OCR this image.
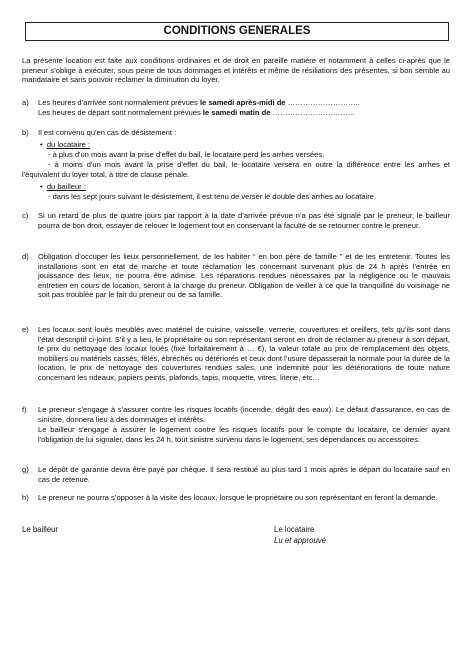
CONDITIONS GENERALES
La présente location est faite aux conditions ordinaires et de droit en pareille matière et notamment à celles ci-après que le preneur s’oblige à exécuter, sous peine de tous dommages et intérêts et même de résiliations des présentes, si bon semble au mandataire et sans pouvoir réclamer la diminution du loyer.
a) Les heures d’arrivée sont normalement prévues le samedi après-midi de ………………………..
Les heures de départ sont normalement prévues le samedi matin de …………………………...
b) Il est convenu qu'en cas de désistement :
•  du locataire :
- à plus d'un mois avant la prise d'effet du bail, le locataire perd les arrhes versées,
- à moins d'un mois avant la prise d'effet du bail, le locataire versera en outre la différence entre les arrhes et l'équivalent du loyer total, à titre de clause pénale.
•  du bailleur :
- dans les sept jours suivant le désistement, il est tenu de verser le double des arrhes au locataire.
c) Si un retard de plus de quatre jours par rapport à la date d’arrivée prévue n’a pas été signalé par le preneur, le bailleur pourra de bon droit, essayer de relouer le logement tout en conservant la faculté de se retourner contre le preneur.
d) Obligation d’occuper les lieux personnellement, de les habiter “ en bon père de famille ” et de les entretenir. Toutes les installations sont en état de marche et toute réclamation les concernant survenant plus de 24 h après l’entrée en jouissance des lieux, ne pourra être admise. Les réparations rendues nécessaires par la négligence ou le mauvais entretien en cours de location, seront à la charge du preneur. Obligation de veiller à ce que la tranquillité du voisinage ne soit pas troublée par le fait du preneur ou de sa famille.
e) Les locaux sont loués meublés avec matériel de cuisine, vaisselle, verrerie, couvertures et oreillers, tels qu’ils sont dans l’état descriptif ci-joint. S’il y a lieu, le propriétaire ou son représentant seront en droit de réclamer au preneur à son départ, le prix du nettoyage des locaux loués (fixé forfaitairement à … €), la valeur totale au prix de remplacement des objets, mobiliers ou matériels cassés, fêlés, ébréchés ou détériorés et ceux dont l’usure dépasserait la normale pour la durée de la location, le prix de nettoyage des couvertures rendues sales, une indemnité pour les détériorations de toute nature concernant les rideaux, papiers peints, plafonds, tapis, moquette, vitres, literie, etc…
f) Le preneur s'engage à s'assurer contre les risques locatifs (incendie, dégât des eaux). Le défaut d'assurance, en cas de sinistre, donnera lieu à des dommages et intérêts.
Le bailleur s'engage à assurer le logement contre les risques locatifs pour le compte du locataire, ce dernier ayant l'obligation de lui signaler, dans les 24 h, tout sinistre survenu dans le logement, ses dépendances ou accessoires.
g) Le dépôt de garantie devra être payé par chèque. Il sera restitué au plus tard 1 mois après le départ du locataire sauf en cas de retenue.
h) Le preneur ne pourra s’opposer à la visite des locaux, lorsque le propriétaire ou son représentant en feront la demande.
Le bailleur	Le locataire
Lu et approuvé
